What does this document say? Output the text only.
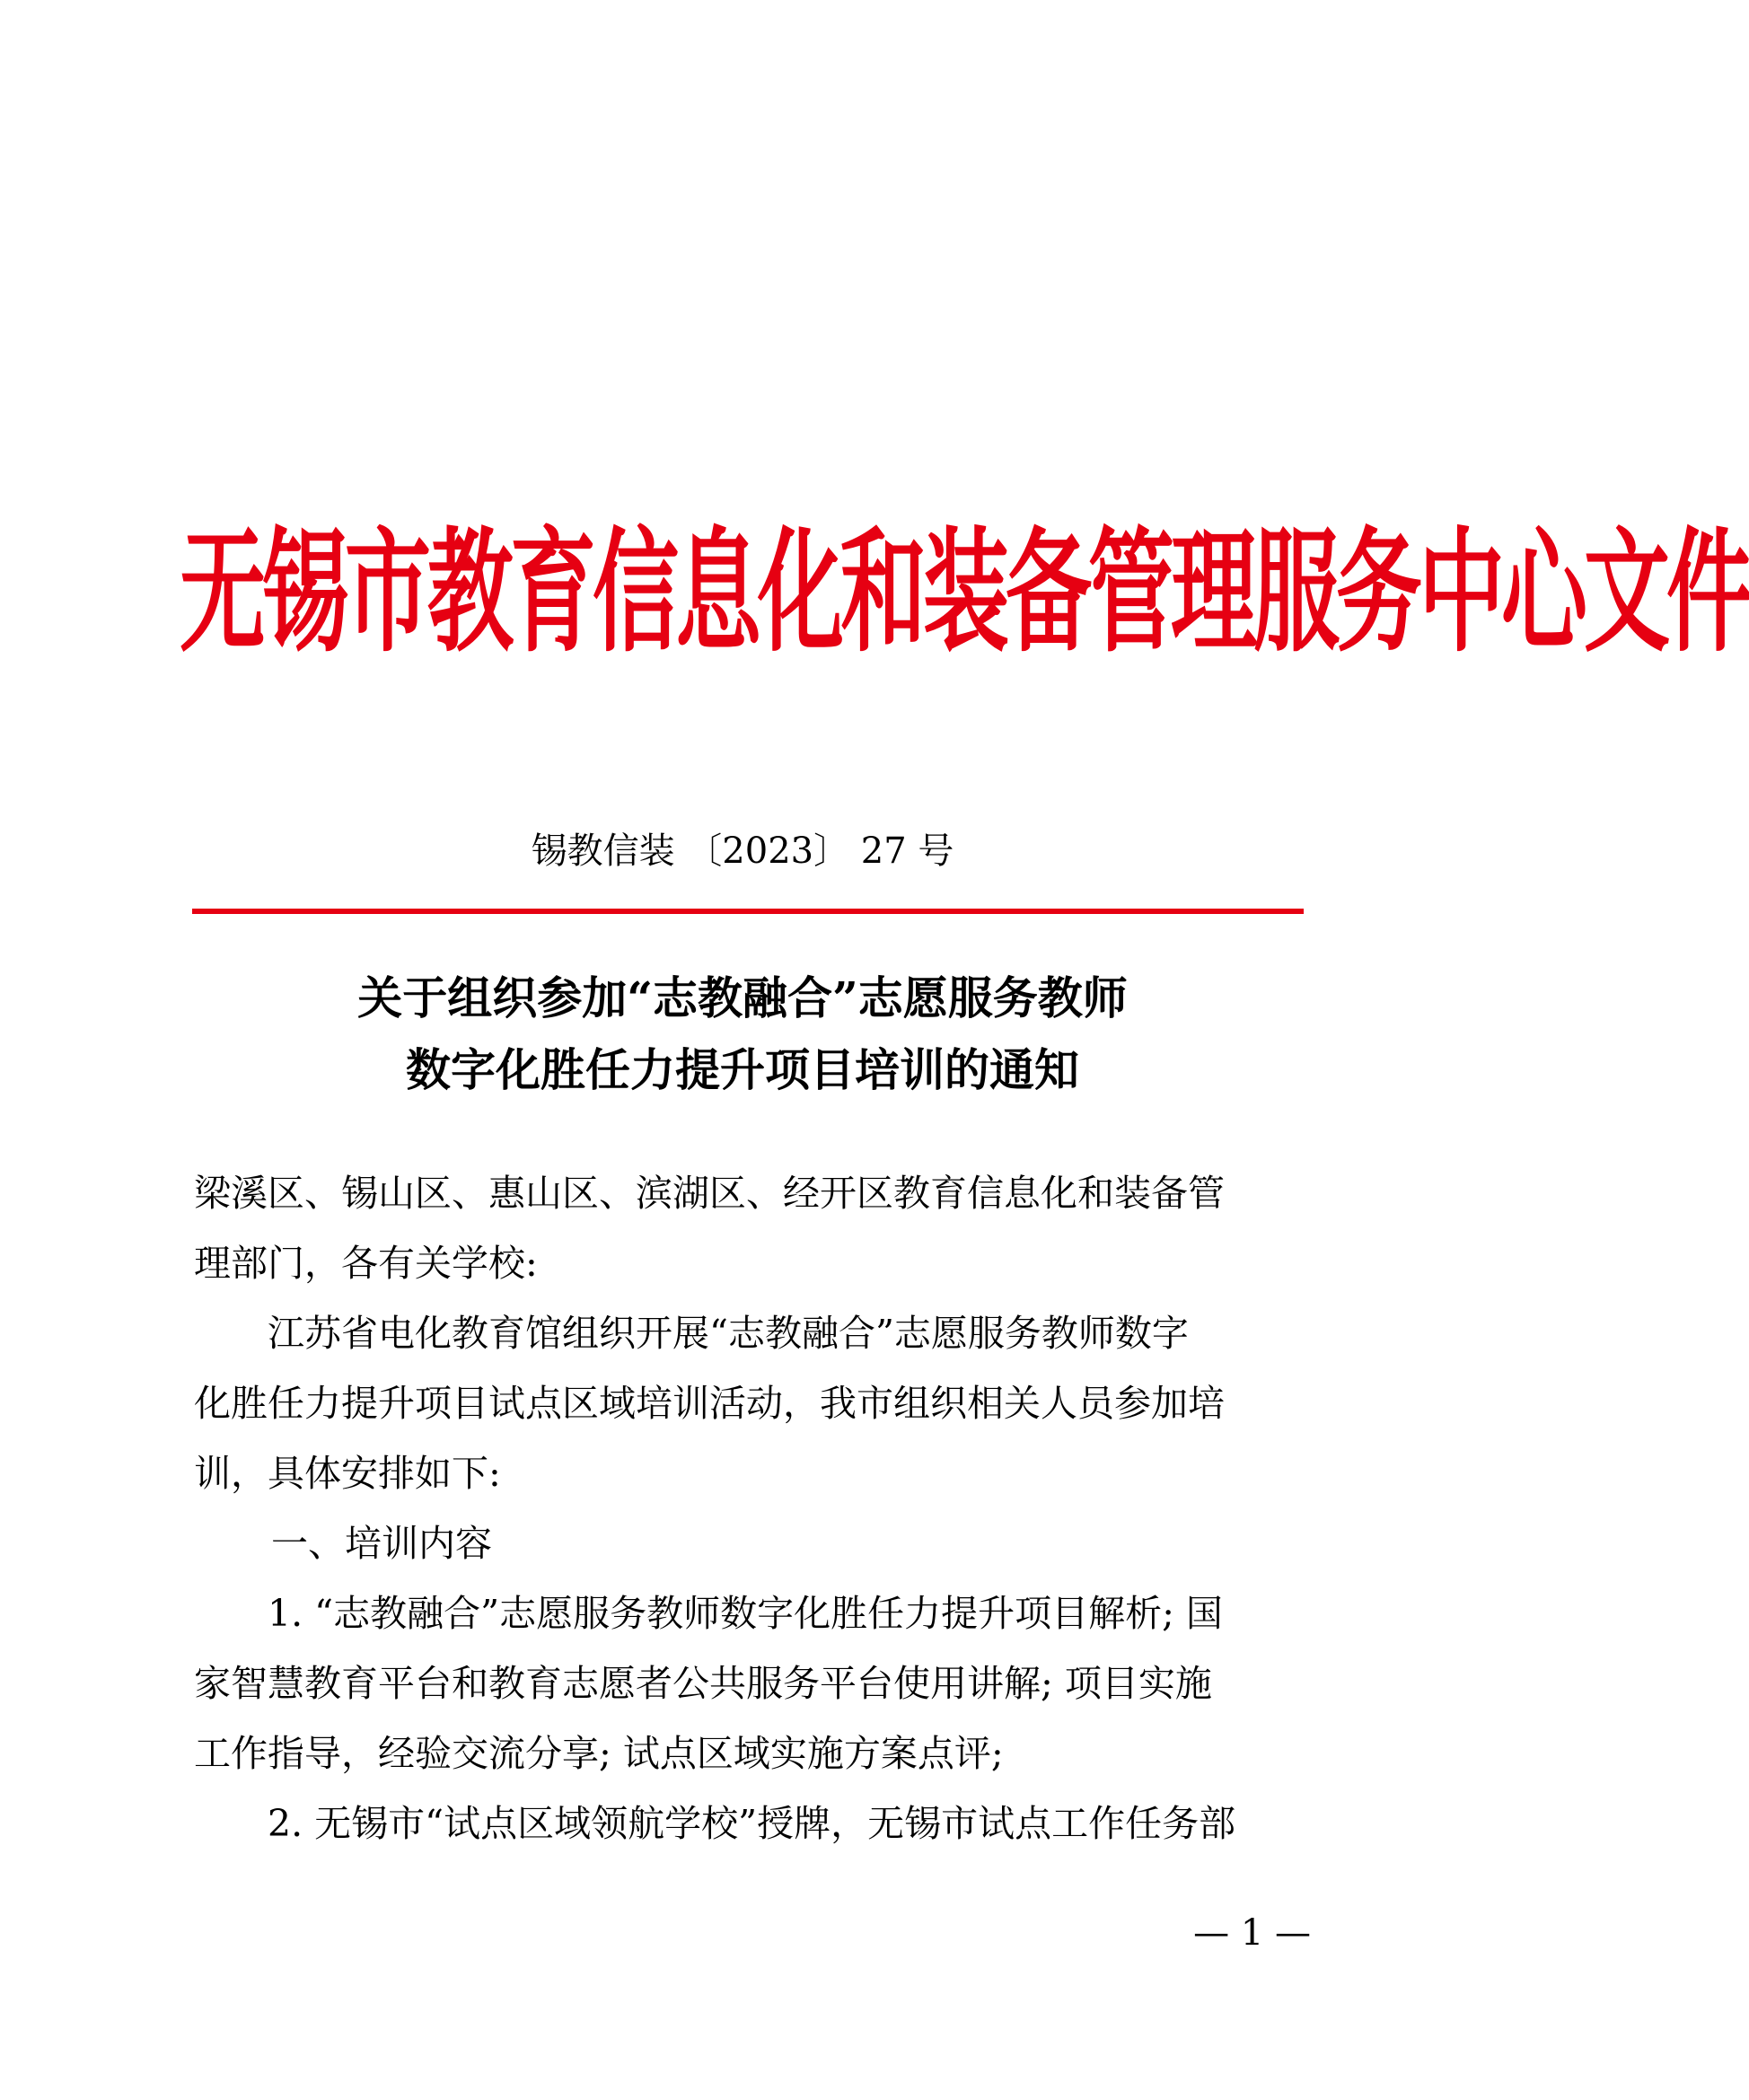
无锡市教育信息化和装备管理服务中心文件
锡教信装 〔2023〕 27 号
关于组织参加“志教融合”志愿服务教师
数字化胜任力提升项目培训的通知
梁溪区、锡山区、惠山区、滨湖区、经开区教育信息化和装备管
理部门，各有关学校:
　　江苏省电化教育馆组织开展“志教融合”志愿服务教师数字
化胜任力提升项目试点区域培训活动，我市组织相关人员参加培
训，具体安排如下:
一、培训内容
　　1. “志教融合”志愿服务教师数字化胜任力提升项目解析; 国
家智慧教育平台和教育志愿者公共服务平台使用讲解; 项目实施
工作指导，经验交流分享; 试点区域实施方案点评;
　　2. 无锡市“试点区域领航学校”授牌，无锡市试点工作任务部
— 1 —
